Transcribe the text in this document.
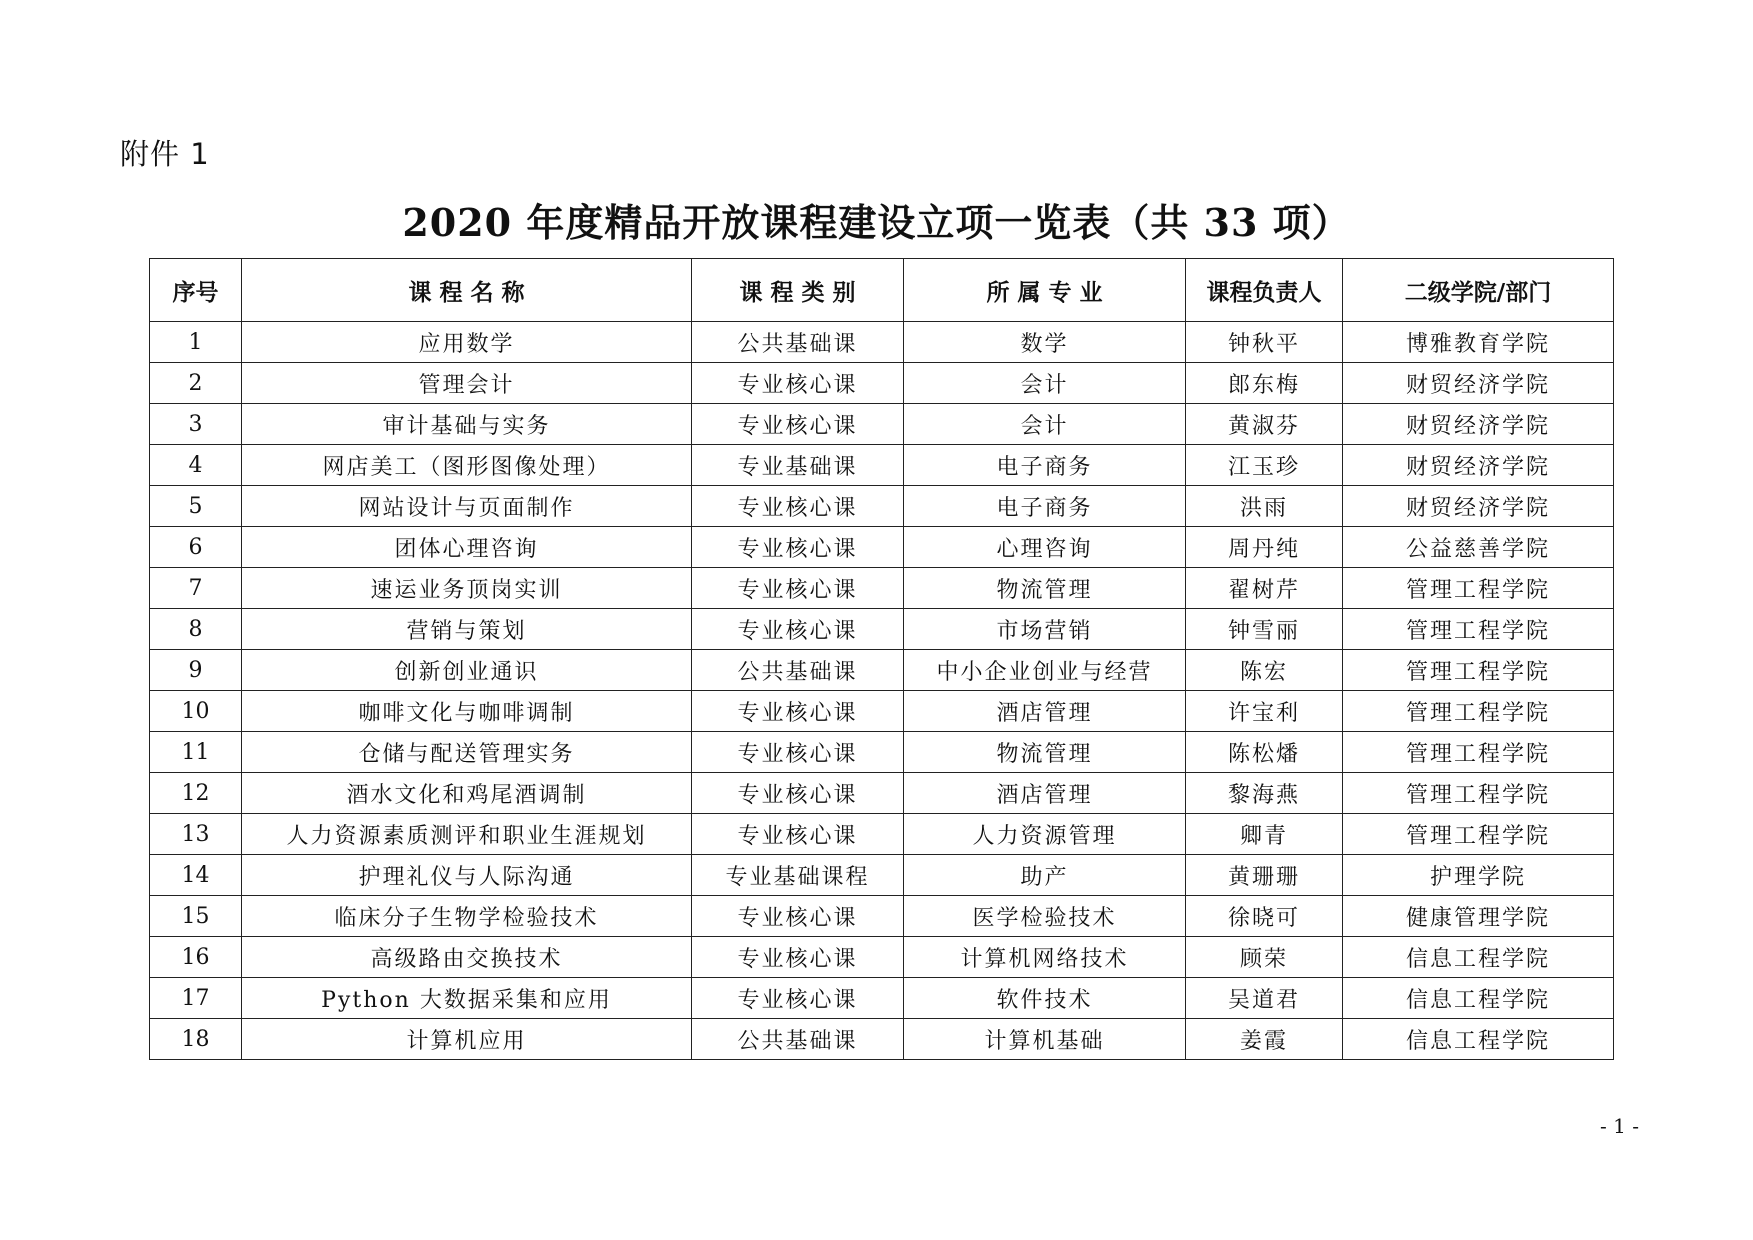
附件 1
2020 年度精品开放课程建设立项一览表（共 33 项）
序号	课 程 名 称	课 程 类 别	所 属 专 业	课程负责人	二级学院/部门
1	应用数学	公共基础课	数学	钟秋平	博雅教育学院
2	管理会计	专业核心课	会计	郎东梅	财贸经济学院
3	审计基础与实务	专业核心课	会计	黄淑芬	财贸经济学院
4	网店美工（图形图像处理）	专业基础课	电子商务	江玉珍	财贸经济学院
5	网站设计与页面制作	专业核心课	电子商务	洪雨	财贸经济学院
6	团体心理咨询	专业核心课	心理咨询	周丹纯	公益慈善学院
7	速运业务顶岗实训	专业核心课	物流管理	翟树芹	管理工程学院
8	营销与策划	专业核心课	市场营销	钟雪丽	管理工程学院
9	创新创业通识	公共基础课	中小企业创业与经营	陈宏	管理工程学院
10	咖啡文化与咖啡调制	专业核心课	酒店管理	许宝利	管理工程学院
11	仓储与配送管理实务	专业核心课	物流管理	陈松燔	管理工程学院
12	酒水文化和鸡尾酒调制	专业核心课	酒店管理	黎海燕	管理工程学院
13	人力资源素质测评和职业生涯规划	专业核心课	人力资源管理	卿青	管理工程学院
14	护理礼仪与人际沟通	专业基础课程	助产	黄珊珊	护理学院
15	临床分子生物学检验技术	专业核心课	医学检验技术	徐晓可	健康管理学院
16	高级路由交换技术	专业核心课	计算机网络技术	顾荣	信息工程学院
17	Python 大数据采集和应用	专业核心课	软件技术	吴道君	信息工程学院
18	计算机应用	公共基础课	计算机基础	姜霞	信息工程学院
- 1 -
